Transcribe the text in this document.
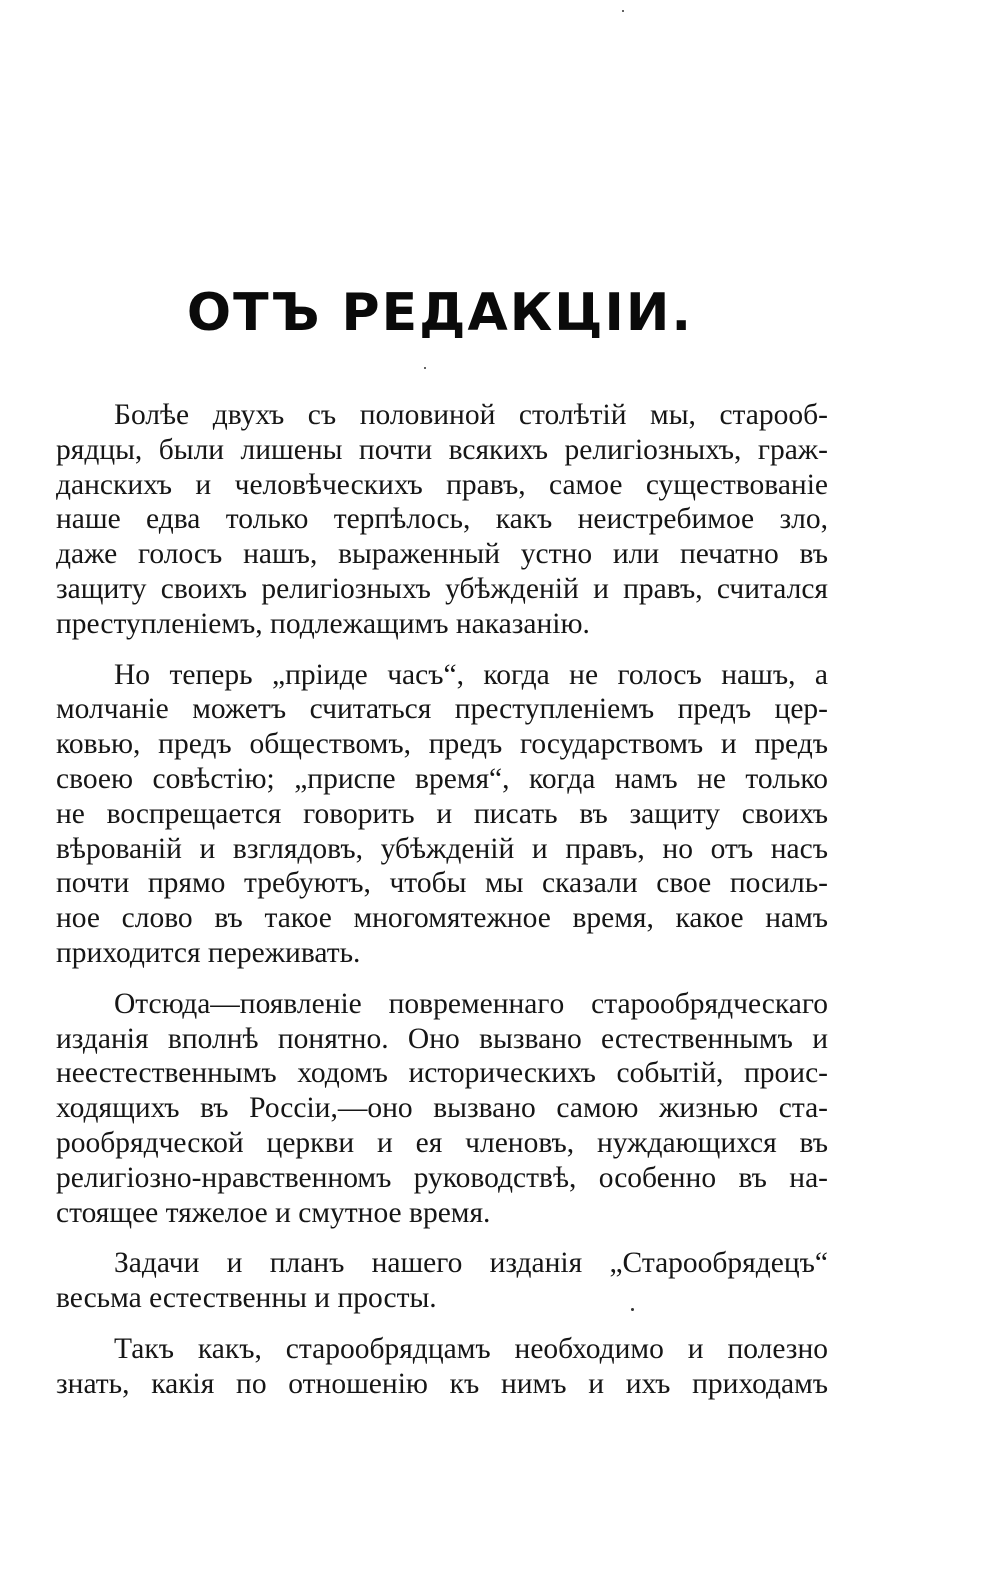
ОТЪ РЕДАКЦІИ.
Болѣе двухъ съ половиной столѣтій мы, старооб-
рядцы, были лишены почти всякихъ религіозныхъ, граж-
данскихъ и человѣческихъ правъ, самое существованіе
наше едва только терпѣлось, какъ неистребимое зло,
даже голосъ нашъ, выраженный устно или печатно въ
защиту своихъ религіозныхъ убѣжденій и правъ, считался
преступленіемъ, подлежащимъ наказанію.
Но теперь „пріиде часъ“, когда не голосъ нашъ, а
молчаніе можетъ считаться преступленіемъ предъ цер-
ковью, предъ обществомъ, предъ государствомъ и предъ
своею совѣстію; „приспе время“, когда намъ не только
не воспрещается говорить и писать въ защиту своихъ
вѣрованій и взглядовъ, убѣжденій и правъ, но отъ насъ
почти прямо требуютъ, чтобы мы сказали свое посиль-
ное слово въ такое многомятежное время, какое намъ
приходится переживать.
Отсюда—появленіе повременнагo старообрядческаго
изданія вполнѣ понятно. Оно вызвано естественнымъ и
неестественнымъ ходомъ историческихъ событій, проис-
ходящихъ въ Россіи,—оно вызвано самою жизнью ста-
рообрядческой церкви и ея членовъ, нуждающихся въ
религіозно-нравственномъ руководствѣ, особенно въ на-
стоящее тяжелое и смутное время.
Задачи и планъ нашего изданія „Старообрядецъ“
весьма естественны и просты.
Такъ какъ, старообрядцамъ необходимо и полезно
знать, какія по отношенію къ нимъ и ихъ приходамъ
